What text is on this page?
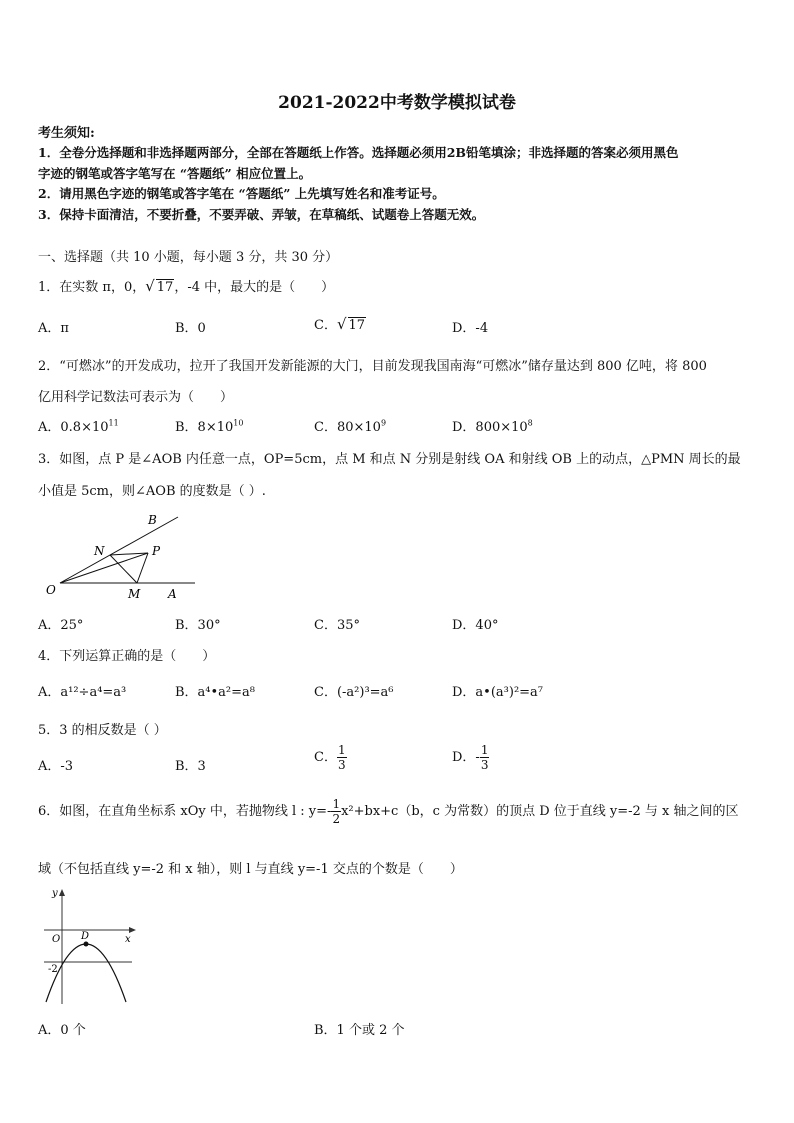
2021-2022中考数学模拟试卷
考生须知:
1．全卷分选择题和非选择题两部分，全部在答题纸上作答。选择题必须用2B铅笔填涂；非选择题的答案必须用黑色
字迹的钢笔或答字笔写在 “答题纸” 相应位置上。
2．请用黑色字迹的钢笔或答字笔在 “答题纸” 上先填写姓名和准考证号。
3．保持卡面清洁，不要折叠，不要弄破、弄皱，在草稿纸、试题卷上答题无效。
一、选择题（共 10 小题，每小题 3 分，共 30 分）
1．在实数 π，0，√ 17，-4 中，最大的是（　　）
A．π	B．0	C．√ 17	D．-4
2．“可燃冰”的开发成功，拉开了我国开发新能源的大门，目前发现我国南海“可燃冰”储存量达到 800 亿吨，将 800
亿用科学记数法可表示为（　　）
A．$0.8\times 10^{11}$	B．$8\times 10^{10}$	C．$80\times 10^9$	D．$800\times 10^8$
3．如图，点 P 是∠AOB 内任意一点，OP=5cm，点 M 和点 N 分别是射线 OA 和射线 OB 上的动点，△PMN 周长的最
小值是 5cm，则∠AOB 的度数是（ ）.
B
N	P
O	M A
A．25°	B．30°	C．35°	D．40°
4．下列运算正确的是（　　）
A．a¹²÷a⁴=a³	B．a⁴•a²=a⁸	C．(-a²)³=a⁶	D．a•(a³)²=a⁷
5．3 的相反数是（ ）
A．-3	B．3
C． $\frac{1}{3}$	D．- $\frac{1}{3}$
6．如图，在直角坐标系 xOy 中，若抛物线 l : $y=- \frac{1}{2} x^2+bx+c(b$，c 为常数）的顶点 D 位于直线 y=-2 与 x 轴之间的区
域（不包括直线 y=-2 和 x 轴），则 l 与直线 y=-1 交点的个数是（　　）
y
O	x
D
-2
A．0 个	B．1 个或 2 个
